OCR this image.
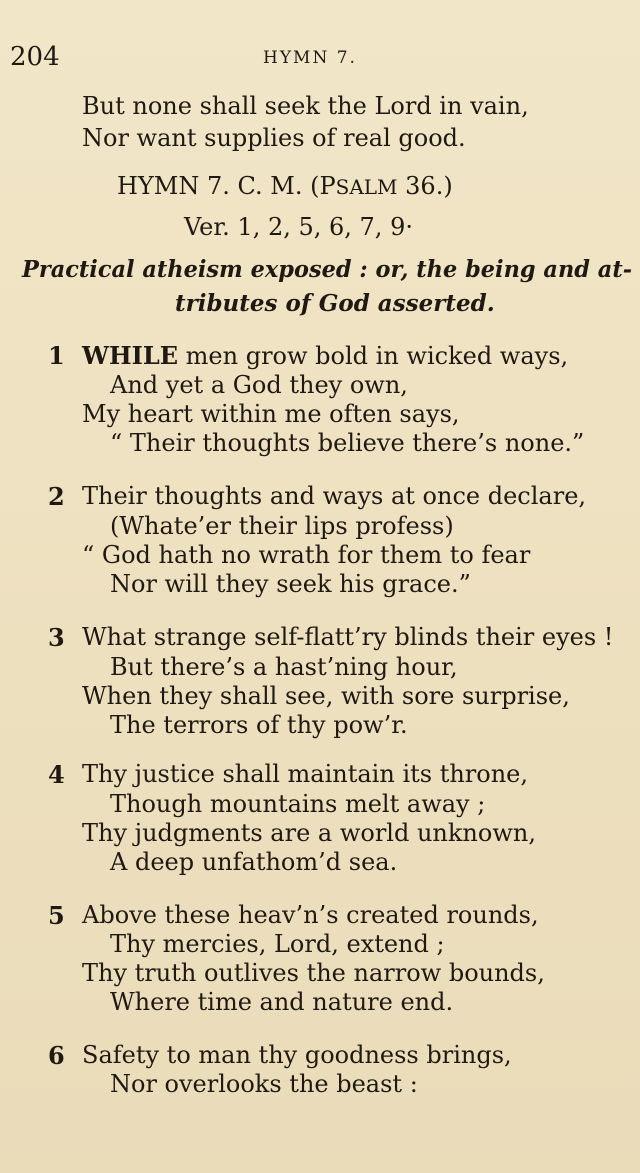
204	HYMN 7.
But none shall seek the Lord in vain,
Nor want supplies of real good.
HYMN 7. C. M. (PSALM 36.)
Ver. 1, 2, 5, 6, 7, 9·
Practical atheism exposed : or, the being and at-
tributes of God asserted.
1 WHILE men grow bold in wicked ways,
And yet a God they own,
My heart within me often says,
“ Their thoughts believe there’s none.”
2 Their thoughts and ways at once declare,
(Whate’er their lips profess)
“ God hath no wrath for them to fear
Nor will they seek his grace.”
3 What strange self-flatt’ry blinds their eyes !
But there’s a hast’ning hour,
When they shall see, with sore surprise,
The terrors of thy pow’r.
4 Thy justice shall maintain its throne,
Though mountains melt away ;
Thy judgments are a world unknown,
A deep unfathom’d sea.
5 Above these heav’n’s created rounds,
Thy mercies, Lord, extend ;
Thy truth outlives the narrow bounds,
Where time and nature end.
6 Safety to man thy goodness brings,
Nor overlooks the beast :
